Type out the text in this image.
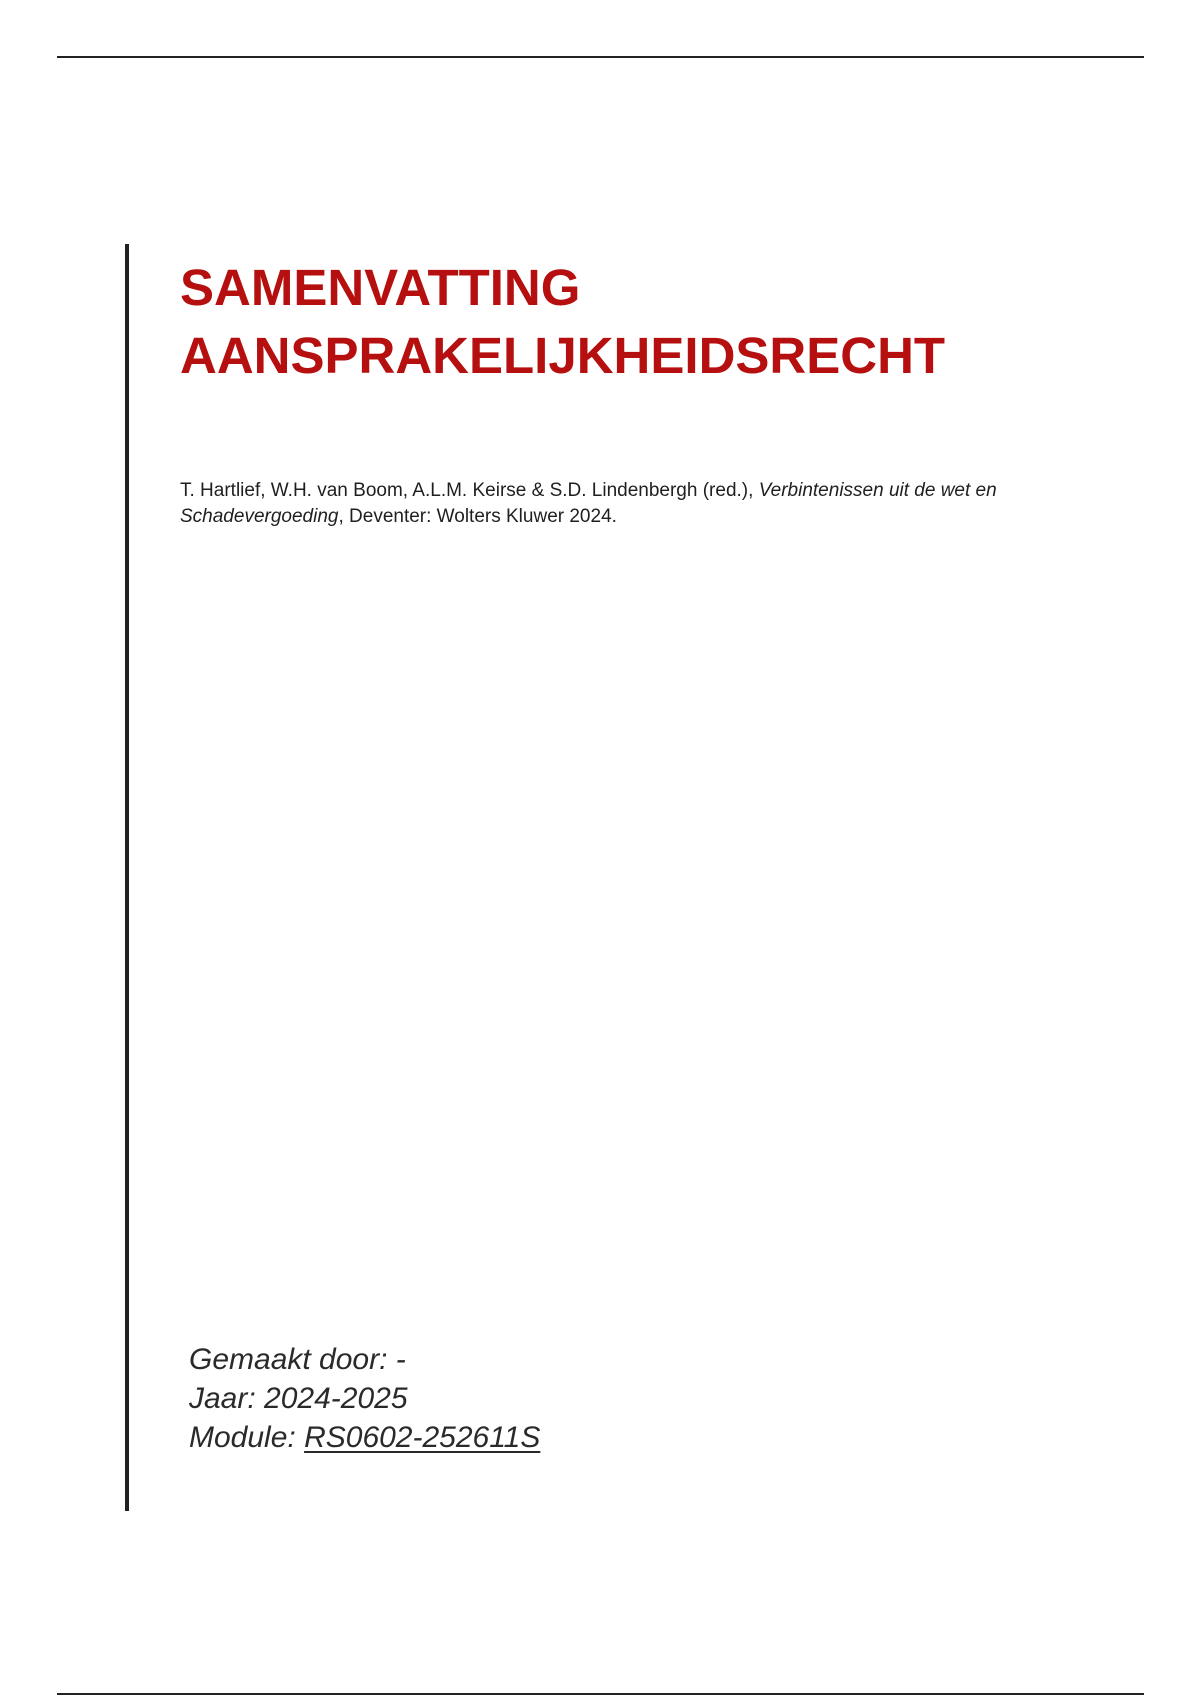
SAMENVATTING
AANSPRAKELIJKHEIDSRECHT

T. Hartlief, W.H. van Boom, A.L.M. Keirse & S.D. Lindenbergh (red.), Verbintenissen uit de wet en Schadevergoeding, Deventer: Wolters Kluwer 2024.

Gemaakt door: -
Jaar: 2024-2025
Module: RS0602-252611S
